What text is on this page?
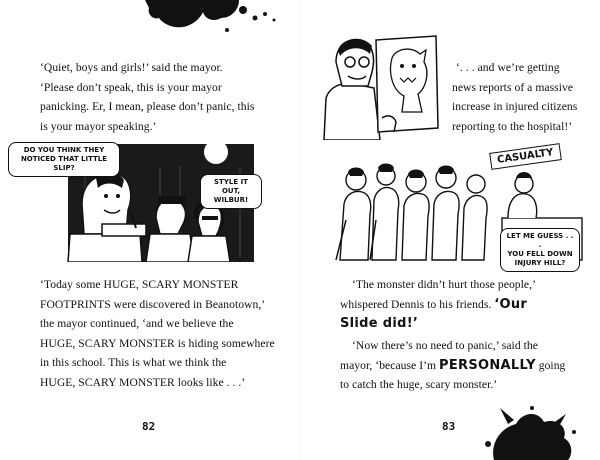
‘Quiet, boys and girls!’ said the mayor.
‘Please don’t speak, this is your mayor
panicking. Er, I mean, please don’t panic, this
is your mayor speaking.’
DO YOU THINK THEY
NOTICED THAT LITTLE SLIP?
STYLE IT OUT,
WILBUR!
‘Today some HUGE, SCARY MONSTER
FOOTPRINTS were discovered in Beanotown,’
the mayor continued, ‘and we believe the
HUGE, SCARY MONSTER is hiding somewhere
in this school. This is what we think the
HUGE, SCARY MONSTER looks like . . .’
82
‘. . . and we’re getting
news reports of a massive
increase in injured citizens
reporting to the hospital!’
CASUALTY
LET ME GUESS . . .
YOU FELL DOWN
INJURY HILL?
‘The monster didn’t hurt those people,’
whispered Dennis to his friends. ‘Our
Slide did!’
‘Now there’s no need to panic,’ said the
mayor, ‘because I’m PERSONALLY going
to catch the huge, scary monster.’
83
